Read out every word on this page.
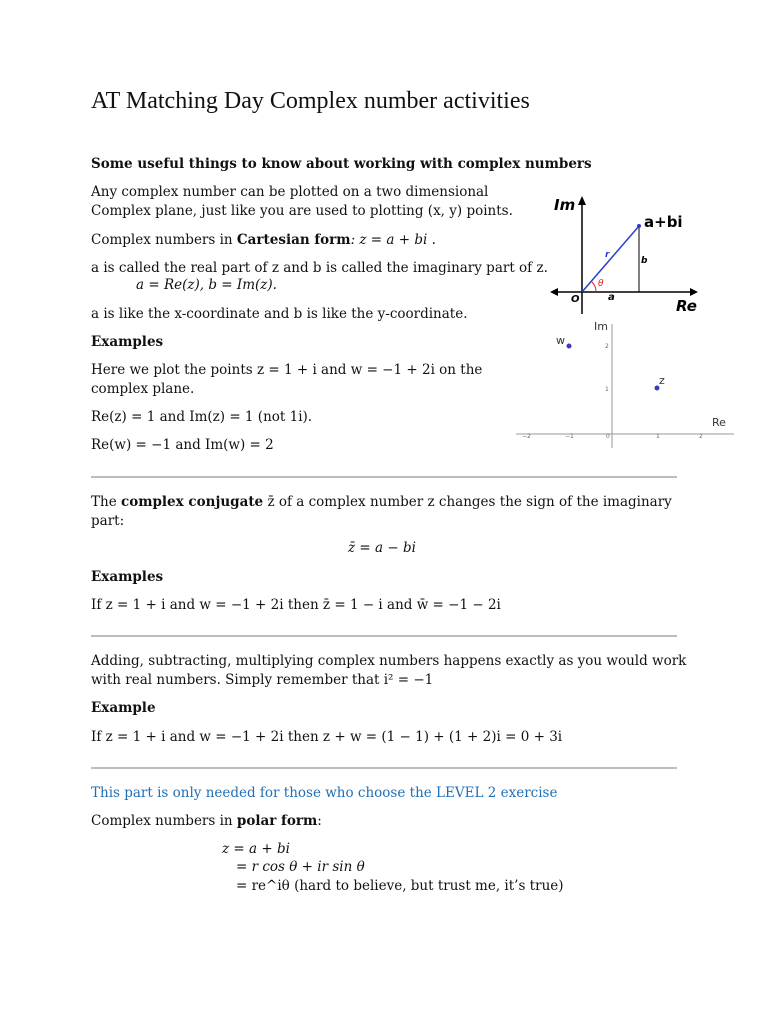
AT Matching Day Complex number activities
Some useful things to know about working with complex numbers
Any complex number can be plotted on a two dimensional
Complex plane, just like you are used to plotting (x, y) points.
Complex numbers in Cartesian form: z = a + bi .
a is called the real part of z and b is called the imaginary part of z.
a = Re(z), b = Im(z).
a is like the x-coordinate and b is like the y-coordinate.
Examples
Here we plot the points z = 1 + i and w = −1 + 2i on the
complex plane.
Re(z) = 1 and Im(z) = 1 (not 1i).
Re(w) = −1 and Im(w) = 2
Im
a+bi
Re
O	a
b
r
θ
Im
Re
w
z
−2	−1	0	1	2
2
1
The complex conjugate z̄ of a complex number z changes the sign of the imaginary
part:
z̄ = a − bi
Examples
If z = 1 + i and w = −1 + 2i then z̄ = 1 − i and w̄ = −1 − 2i
Adding, subtracting, multiplying complex numbers happens exactly as you would work
with real numbers. Simply remember that i² = −1
Example
If z = 1 + i and w = −1 + 2i then z + w = (1 − 1) + (1 + 2)i = 0 + 3i
This part is only needed for those who choose the LEVEL 2 exercise
Complex numbers in polar form:
z = a + bi
= r cos θ + ir sin θ
= re^iθ (hard to believe, but trust me, it’s true)
